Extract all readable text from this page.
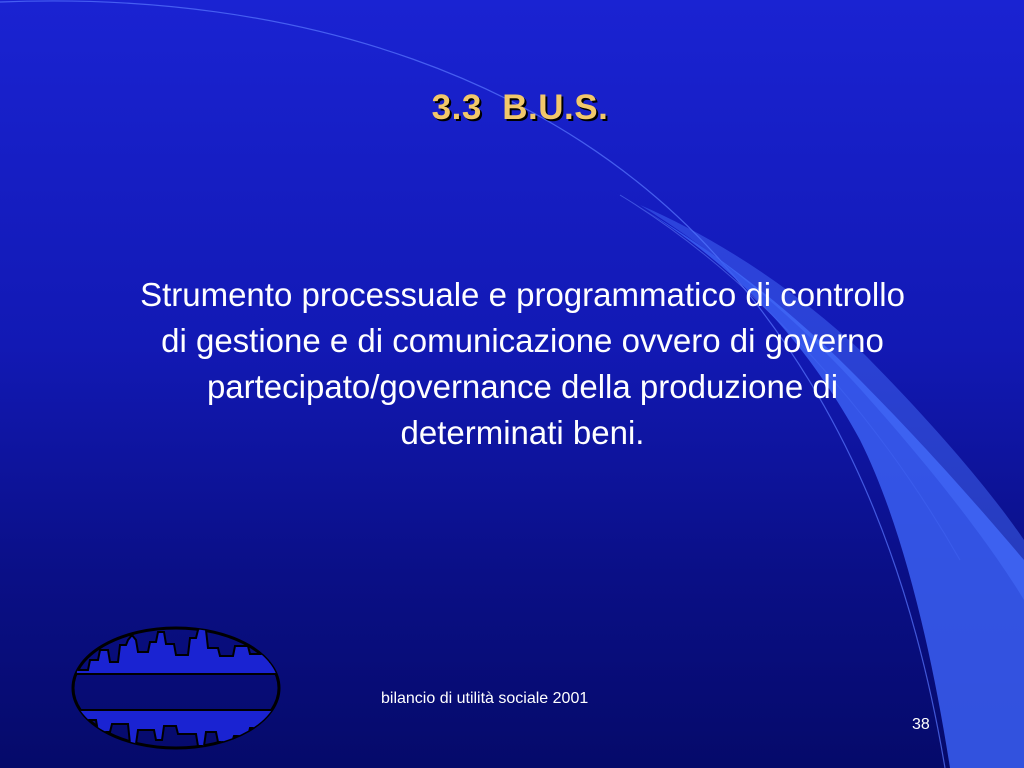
3.3  B.U.S.
Strumento processuale e programmatico di controllo di gestione e di comunicazione ovvero di governo partecipato/governance della produzione di determinati beni.
bilancio di utilità sociale 2001
38
